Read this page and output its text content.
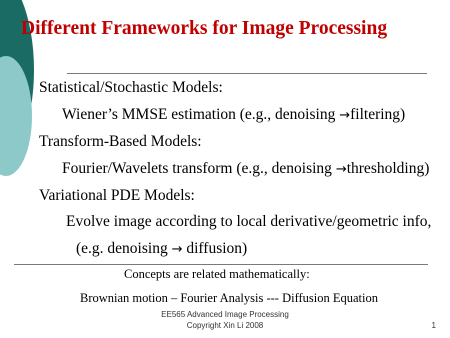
Different Frameworks for Image Processing
Statistical/Stochastic Models:
Wiener’s MMSE estimation (e.g., denoising →filtering)
Transform-Based Models:
Fourier/Wavelets transform (e.g., denoising →thresholding)
Variational PDE Models:
Evolve image according to local derivative/geometric info,
(e.g. denoising → diffusion)
Concepts are related mathematically:
Brownian motion – Fourier Analysis --- Diffusion Equation
EE565 Advanced Image Processing
Copyright Xin Li 2008	1
